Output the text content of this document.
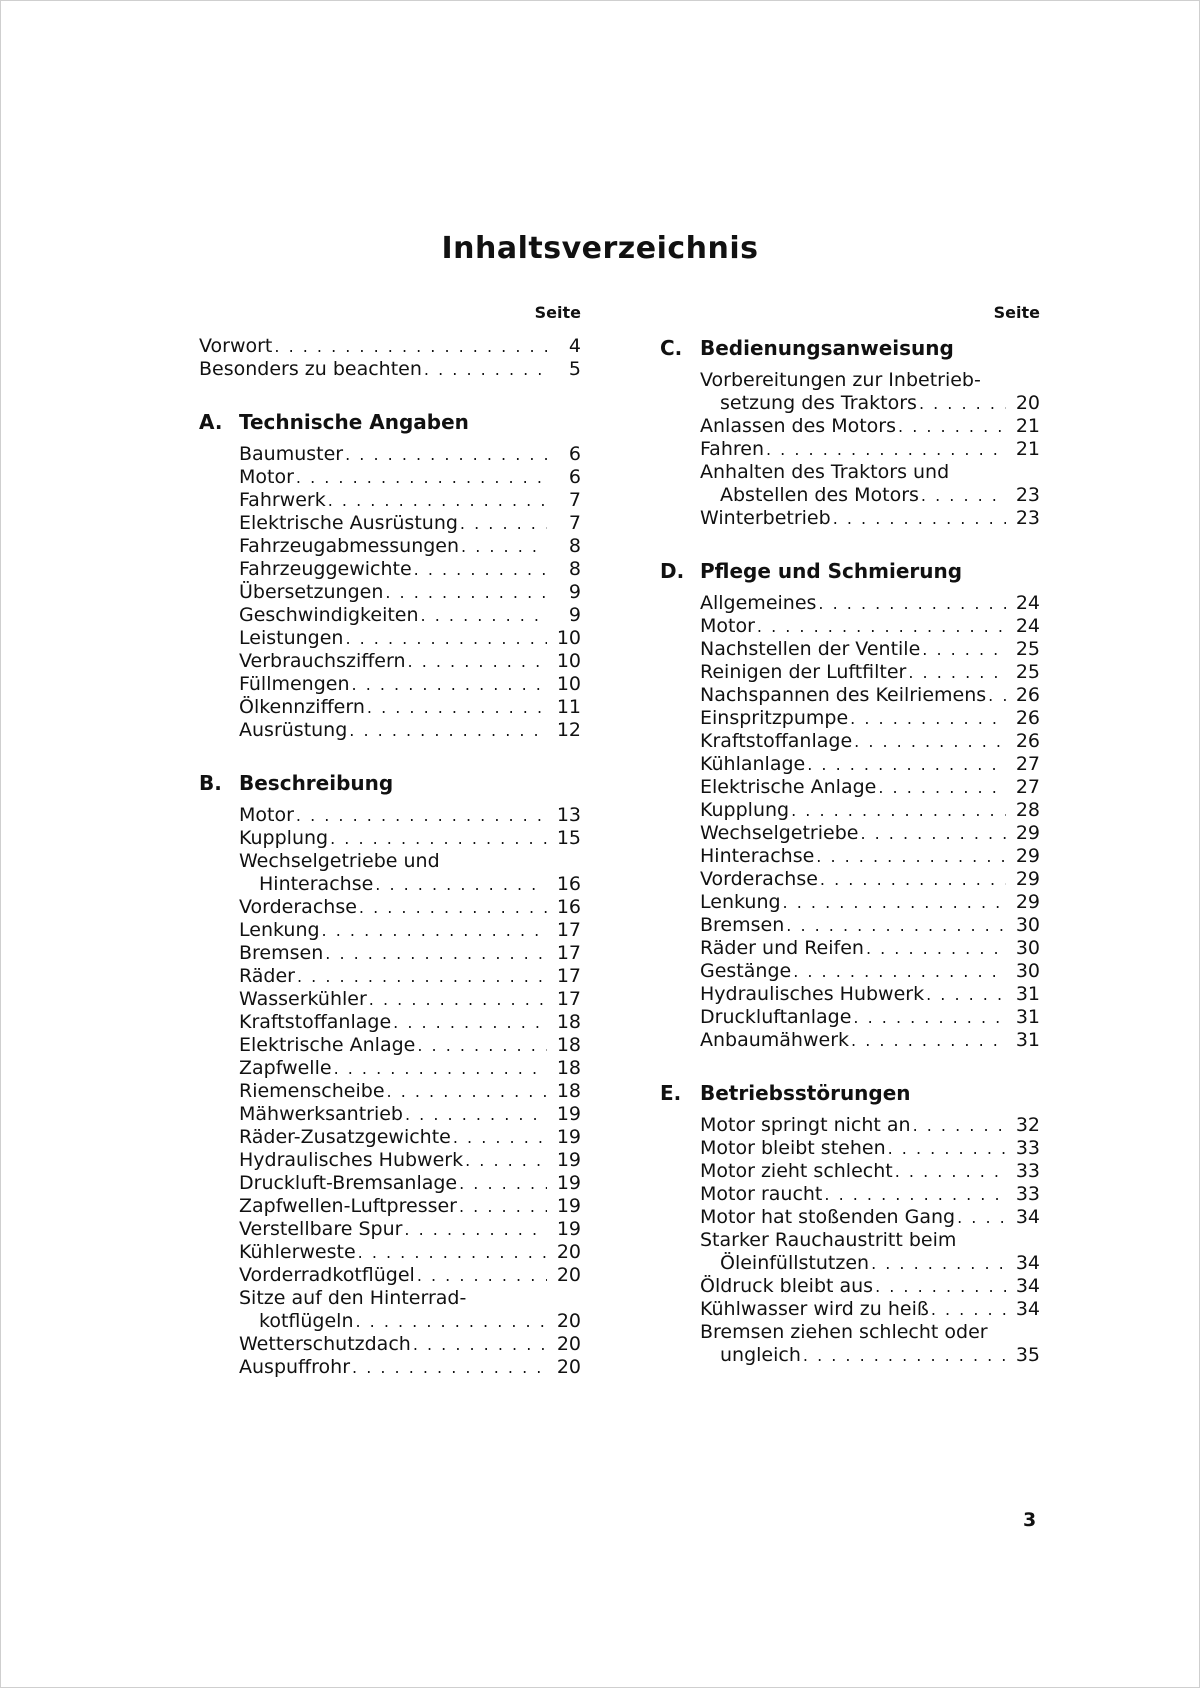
Inhaltsverzeichnis
Seite
Vorwort . . .	4
Besonders zu beachten . . .	5
A. Technische Angaben
Baumuster . . .	6
Motor . . .	6
Fahrwerk . . .	7
Elektrische Ausrüstung . . .	7
Fahrzeugabmessungen . . .	8
Fahrzeuggewichte . . .	8
Übersetzungen . . .	9
Geschwindigkeiten . . .	9
Leistungen . . .	10
Verbrauchsziffern . . .	10
Füllmengen . . .	10
Ölkennziffern . . .	11
Ausrüstung . . .	12
B. Beschreibung
Motor . . .	13
Kupplung . . .	15
Wechselgetriebe und
Hinterachse . . .	16
Vorderachse . . .	16
Lenkung . . .	17
Bremsen . . .	17
Räder . . .	17
Wasserkühler . . .	17
Kraftstoffanlage . . .	18
Elektrische Anlage . . .	18
Zapfwelle . . .	18
Riemenscheibe . . .	18
Mähwerksantrieb . . .	19
Räder-Zusatzgewichte . . .	19
Hydraulisches Hubwerk . . .	19
Druckluft-Bremsanlage . . .	19
Zapfwellen-Luftpresser . . .	19
Verstellbare Spur . . .	19
Kühlerweste . . .	20
Vorderradkotflügel . . .	20
Sitze auf den Hinterrad-
kotflügeln . . .	20
Wetterschutzdach . . .	20
Auspuffrohr . . .	20
Seite
C. Bedienungsanweisung
Vorbereitungen zur Inbetrieb-
setzung des Traktors . . .	20
Anlassen des Motors . . .	21
Fahren . . .	21
Anhalten des Traktors und
Abstellen des Motors . . .	23
Winterbetrieb . . .	23
D. Pflege und Schmierung
Allgemeines . . .	24
Motor . . .	24
Nachstellen der Ventile . . .	25
Reinigen der Luftfilter . . .	25
Nachspannen des Keilriemens . . . 26
Einspritzpumpe . . .	26
Kraftstoffanlage . . .	26
Kühlanlage . . .	27
Elektrische Anlage . . .	27
Kupplung . . .	28
Wechselgetriebe . . .	29
Hinterachse . . .	29
Vorderachse . . .	29
Lenkung . . .	29
Bremsen . . .	30
Räder und Reifen . . .	30
Gestänge . . .	30
Hydraulisches Hubwerk . . .	31
Druckluftanlage . . .	31
Anbaumähwerk . . .	31
E. Betriebsstörungen
Motor springt nicht an . . .	32
Motor bleibt stehen . . .	33
Motor zieht schlecht . . .	33
Motor raucht . . .	33
Motor hat stoßenden Gang . . .	34
Starker Rauchaustritt beim
Öleinfüllstutzen . . .	34
Öldruck bleibt aus . . .	34
Kühlwasser wird zu heiß . . .	34
Bremsen ziehen schlecht oder
ungleich . . .	35
3
